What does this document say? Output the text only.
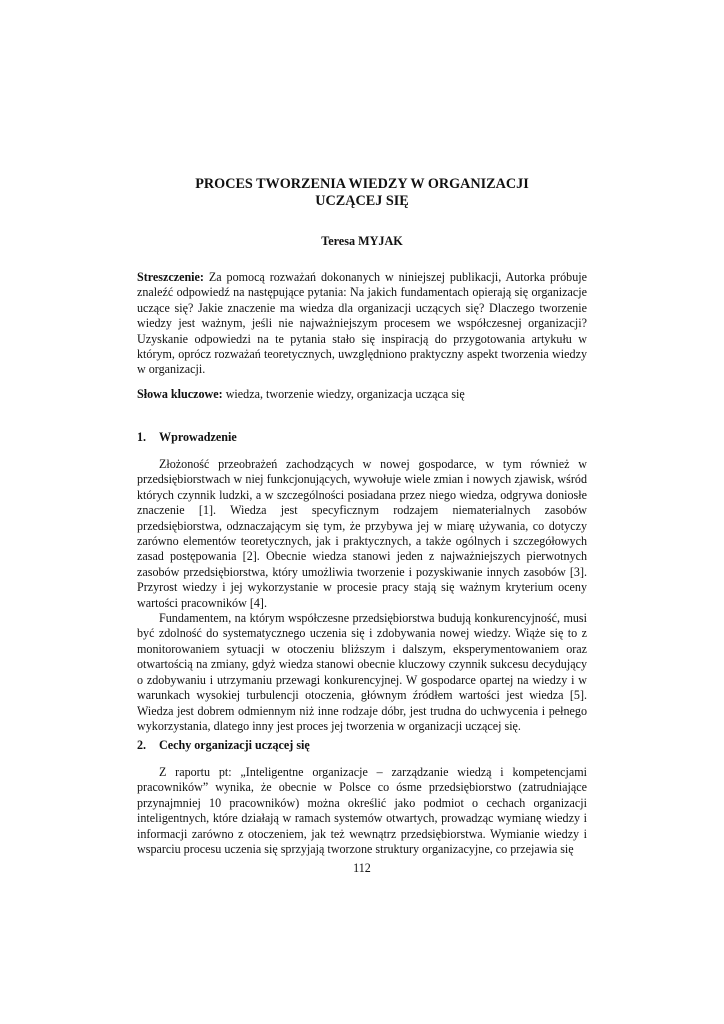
PROCES TWORZENIA WIEDZY W ORGANIZACJI
UCZĄCEJ SIĘ
Teresa MYJAK
Streszczenie: Za pomocą rozważań dokonanych w niniejszej publikacji, Autorka próbuje znaleźć odpowiedź na następujące pytania: Na jakich fundamentach opierają się organizacje uczące się? Jakie znaczenie ma wiedza dla organizacji uczących się? Dlaczego tworzenie wiedzy jest ważnym, jeśli nie najważniejszym procesem we współczesnej organizacji? Uzyskanie odpowiedzi na te pytania stało się inspiracją do przygotowania artykułu w którym, oprócz rozważań teoretycznych, uwzględniono praktyczny aspekt tworzenia wiedzy w organizacji.
Słowa kluczowe: wiedza, tworzenie wiedzy, organizacja ucząca się
1. Wprowadzenie

Złożoność przeobrażeń zachodzących w nowej gospodarce, w tym również w przedsiębiorstwach w niej funkcjonujących, wywołuje wiele zmian i nowych zjawisk, wśród których czynnik ludzki, a w szczególności posiadana przez niego wiedza, odgrywa doniosłe znaczenie [1]. Wiedza jest specyficznym rodzajem niematerialnych zasobów przedsiębiorstwa, odznaczającym się tym, że przybywa jej w miarę używania, co dotyczy zarówno elementów teoretycznych, jak i praktycznych, a także ogólnych i szczegółowych zasad postępowania [2]. Obecnie wiedza stanowi jeden z najważniejszych pierwotnych zasobów przedsiębiorstwa, który umożliwia tworzenie i pozyskiwanie innych zasobów [3]. Przyrost wiedzy i jej wykorzystanie w procesie pracy stają się ważnym kryterium oceny wartości pracowników [4].

Fundamentem, na którym współczesne przedsiębiorstwa budują konkurencyjność, musi być zdolność do systematycznego uczenia się i zdobywania nowej wiedzy. Wiąże się to z monitorowaniem sytuacji w otoczeniu bliższym i dalszym, eksperymentowaniem oraz otwartością na zmiany, gdyż wiedza stanowi obecnie kluczowy czynnik sukcesu decydujący o zdobywaniu i utrzymaniu przewagi konkurencyjnej. W gospodarce opartej na wiedzy i w warunkach wysokiej turbulencji otoczenia, głównym źródłem wartości jest wiedza [5]. Wiedza jest dobrem odmiennym niż inne rodzaje dóbr, jest trudna do uchwycenia i pełnego wykorzystania, dlatego inny jest proces jej tworzenia w organizacji uczącej się.

2. Cechy organizacji uczącej się

Z raportu pt: „Inteligentne organizacje – zarządzanie wiedzą i kompetencjami pracowników” wynika, że obecnie w Polsce co ósme przedsiębiorstwo (zatrudniające przynajmniej 10 pracowników) można określić jako podmiot o cechach organizacji inteligentnych, które działają w ramach systemów otwartych, prowadząc wymianę wiedzy i informacji zarówno z otoczeniem, jak też wewnątrz przedsiębiorstwa. Wymianie wiedzy i wsparciu procesu uczenia się sprzyjają tworzone struktury organizacyjne, co przejawia się

112
